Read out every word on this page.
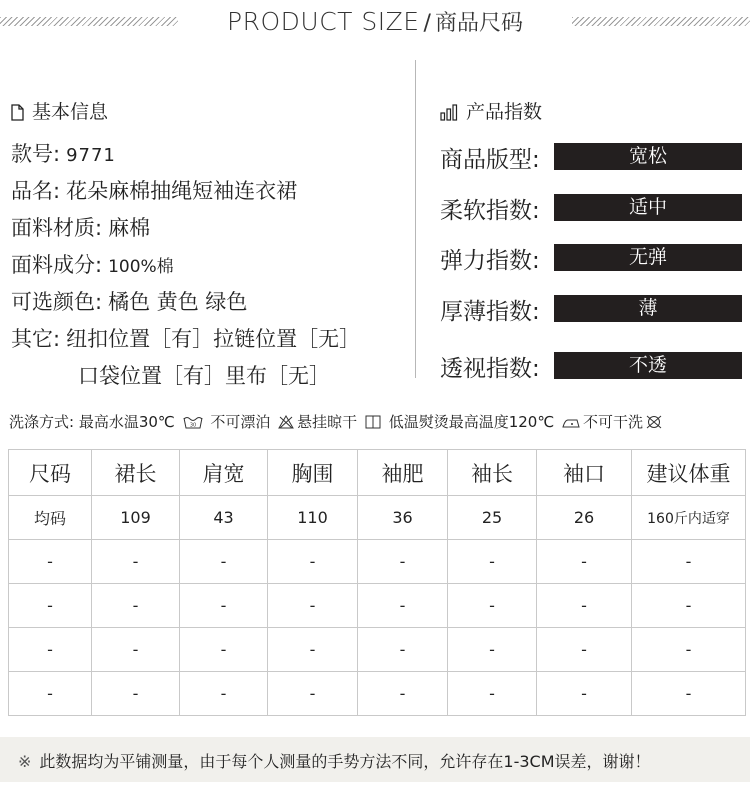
PRODUCT SIZE / 商品尺码
基本信息
款号: 9771
品名: 花朵麻棉抽绳短袖连衣裙
面料材质: 麻棉
面料成分: 100%棉
可选颜色: 橘色 黄色 绿色
其它: 纽扣位置［有］拉链位置［无］
口袋位置［有］里布［无］
产品指数
商品版型:	宽松
柔软指数:	适中
弹力指数:	无弹
厚薄指数:	薄
透视指数:	不透
洗涤方式: 最高水温30℃	30 不可漂泊 悬挂晾干 低温熨烫最高温度120℃ 不可干洗
尺码	裙长	肩宽	胸围	袖肥	袖长	袖口	建议体重
均码	109	43	110	36	25	26	160斤内适穿
-	-	-	-	-	-	-	-
-	-	-	-	-	-	-	-
-	-	-	-	-	-	-	-
-	-	-	-	-	-	-	-
※ 此数据均为平铺测量，由于每个人测量的手势方法不同，允许存在1-3CM误差，谢谢！
